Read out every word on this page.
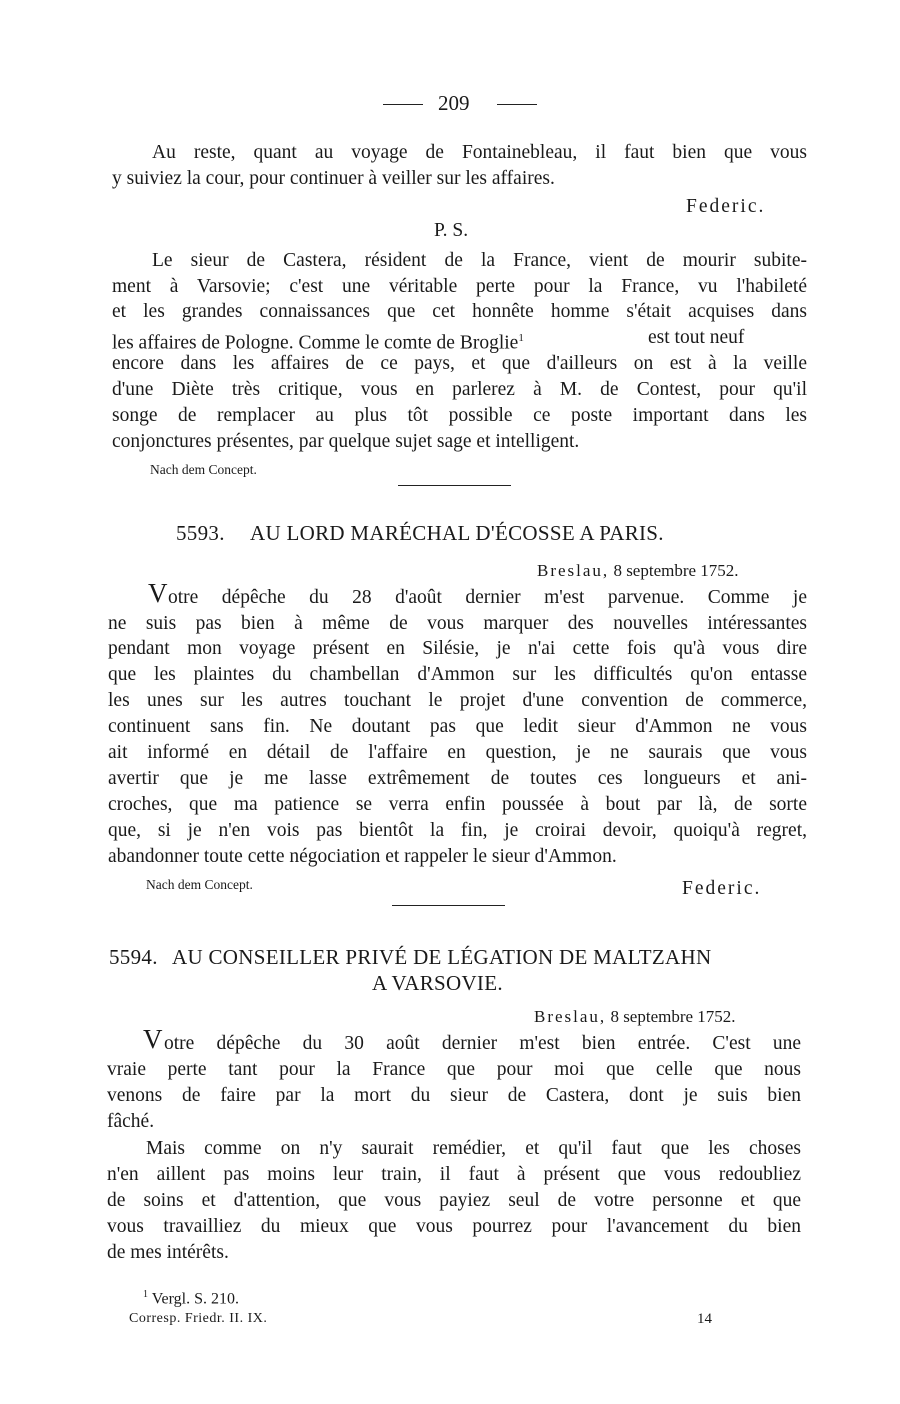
209
Au reste, quant au voyage de Fontainebleau, il faut bien que vous
y suiviez la cour, pour continuer à veiller sur les affaires.
Federic.
P. S.
Le sieur de Castera, résident de la France, vient de mourir subite-
ment à Varsovie; c'est une véritable perte pour la France, vu l'habileté
et les grandes connaissances que cet honnête homme s'était acquises dans
les affaires de Pologne. Comme le comte de Broglie$^1$	est tout neuf
encore dans les affaires de ce pays, et que d'ailleurs on est à la veille
d'une Diète très critique, vous en parlerez à M. de Contest, pour qu'il
songe de remplacer au plus tôt possible ce poste important dans les
conjonctures présentes, par quelque sujet sage et intelligent.
Nach dem Concept.
5593. AU LORD MARÉCHAL D'ÉCOSSE A PARIS.
Breslau, 8 septembre 1752.
V otre dépêche du 28 d'août dernier m'est parvenue. Comme je
ne suis pas bien à même de vous marquer des nouvelles intéressantes
pendant mon voyage présent en Silésie, je n'ai cette fois qu'à vous dire
que les plaintes du chambellan d'Ammon sur les difficultés qu'on entasse
les unes sur les autres touchant le projet d'une convention de commerce,
continuent sans fin. Ne doutant pas que ledit sieur d'Ammon ne vous
ait informé en détail de l'affaire en question, je ne saurais que vous
avertir que je me lasse extrêmement de toutes ces longueurs et ani-
croches, que ma patience se verra enfin poussée à bout par là, de sorte
que, si je n'en vois pas bientôt la fin, je croirai devoir, quoiqu'à regret,
abandonner toute cette négociation et rappeler le sieur d'Ammon.
Nach dem Concept.	Federic.
5594. AU CONSEILLER PRIVÉ DE LÉGATION DE MALTZAHN
A VARSOVIE.
Breslau, 8 septembre 1752.
V otre dépêche du 30 août dernier m'est bien entrée. C'est une
vraie perte tant pour la France que pour moi que celle que nous
venons de faire par la mort du sieur de Castera, dont je suis bien
fâché.
Mais comme on n'y saurait remédier, et qu'il faut que les choses
n'en aillent pas moins leur train, il faut à présent que vous redoubliez
de soins et d'attention, que vous payiez seul de votre personne et que
vous travailliez du mieux que vous pourrez pour l'avancement du bien
de mes intérêts.
$^1$ Vergl. S. 210.
Corresp. Friedr. II. IX.	14
